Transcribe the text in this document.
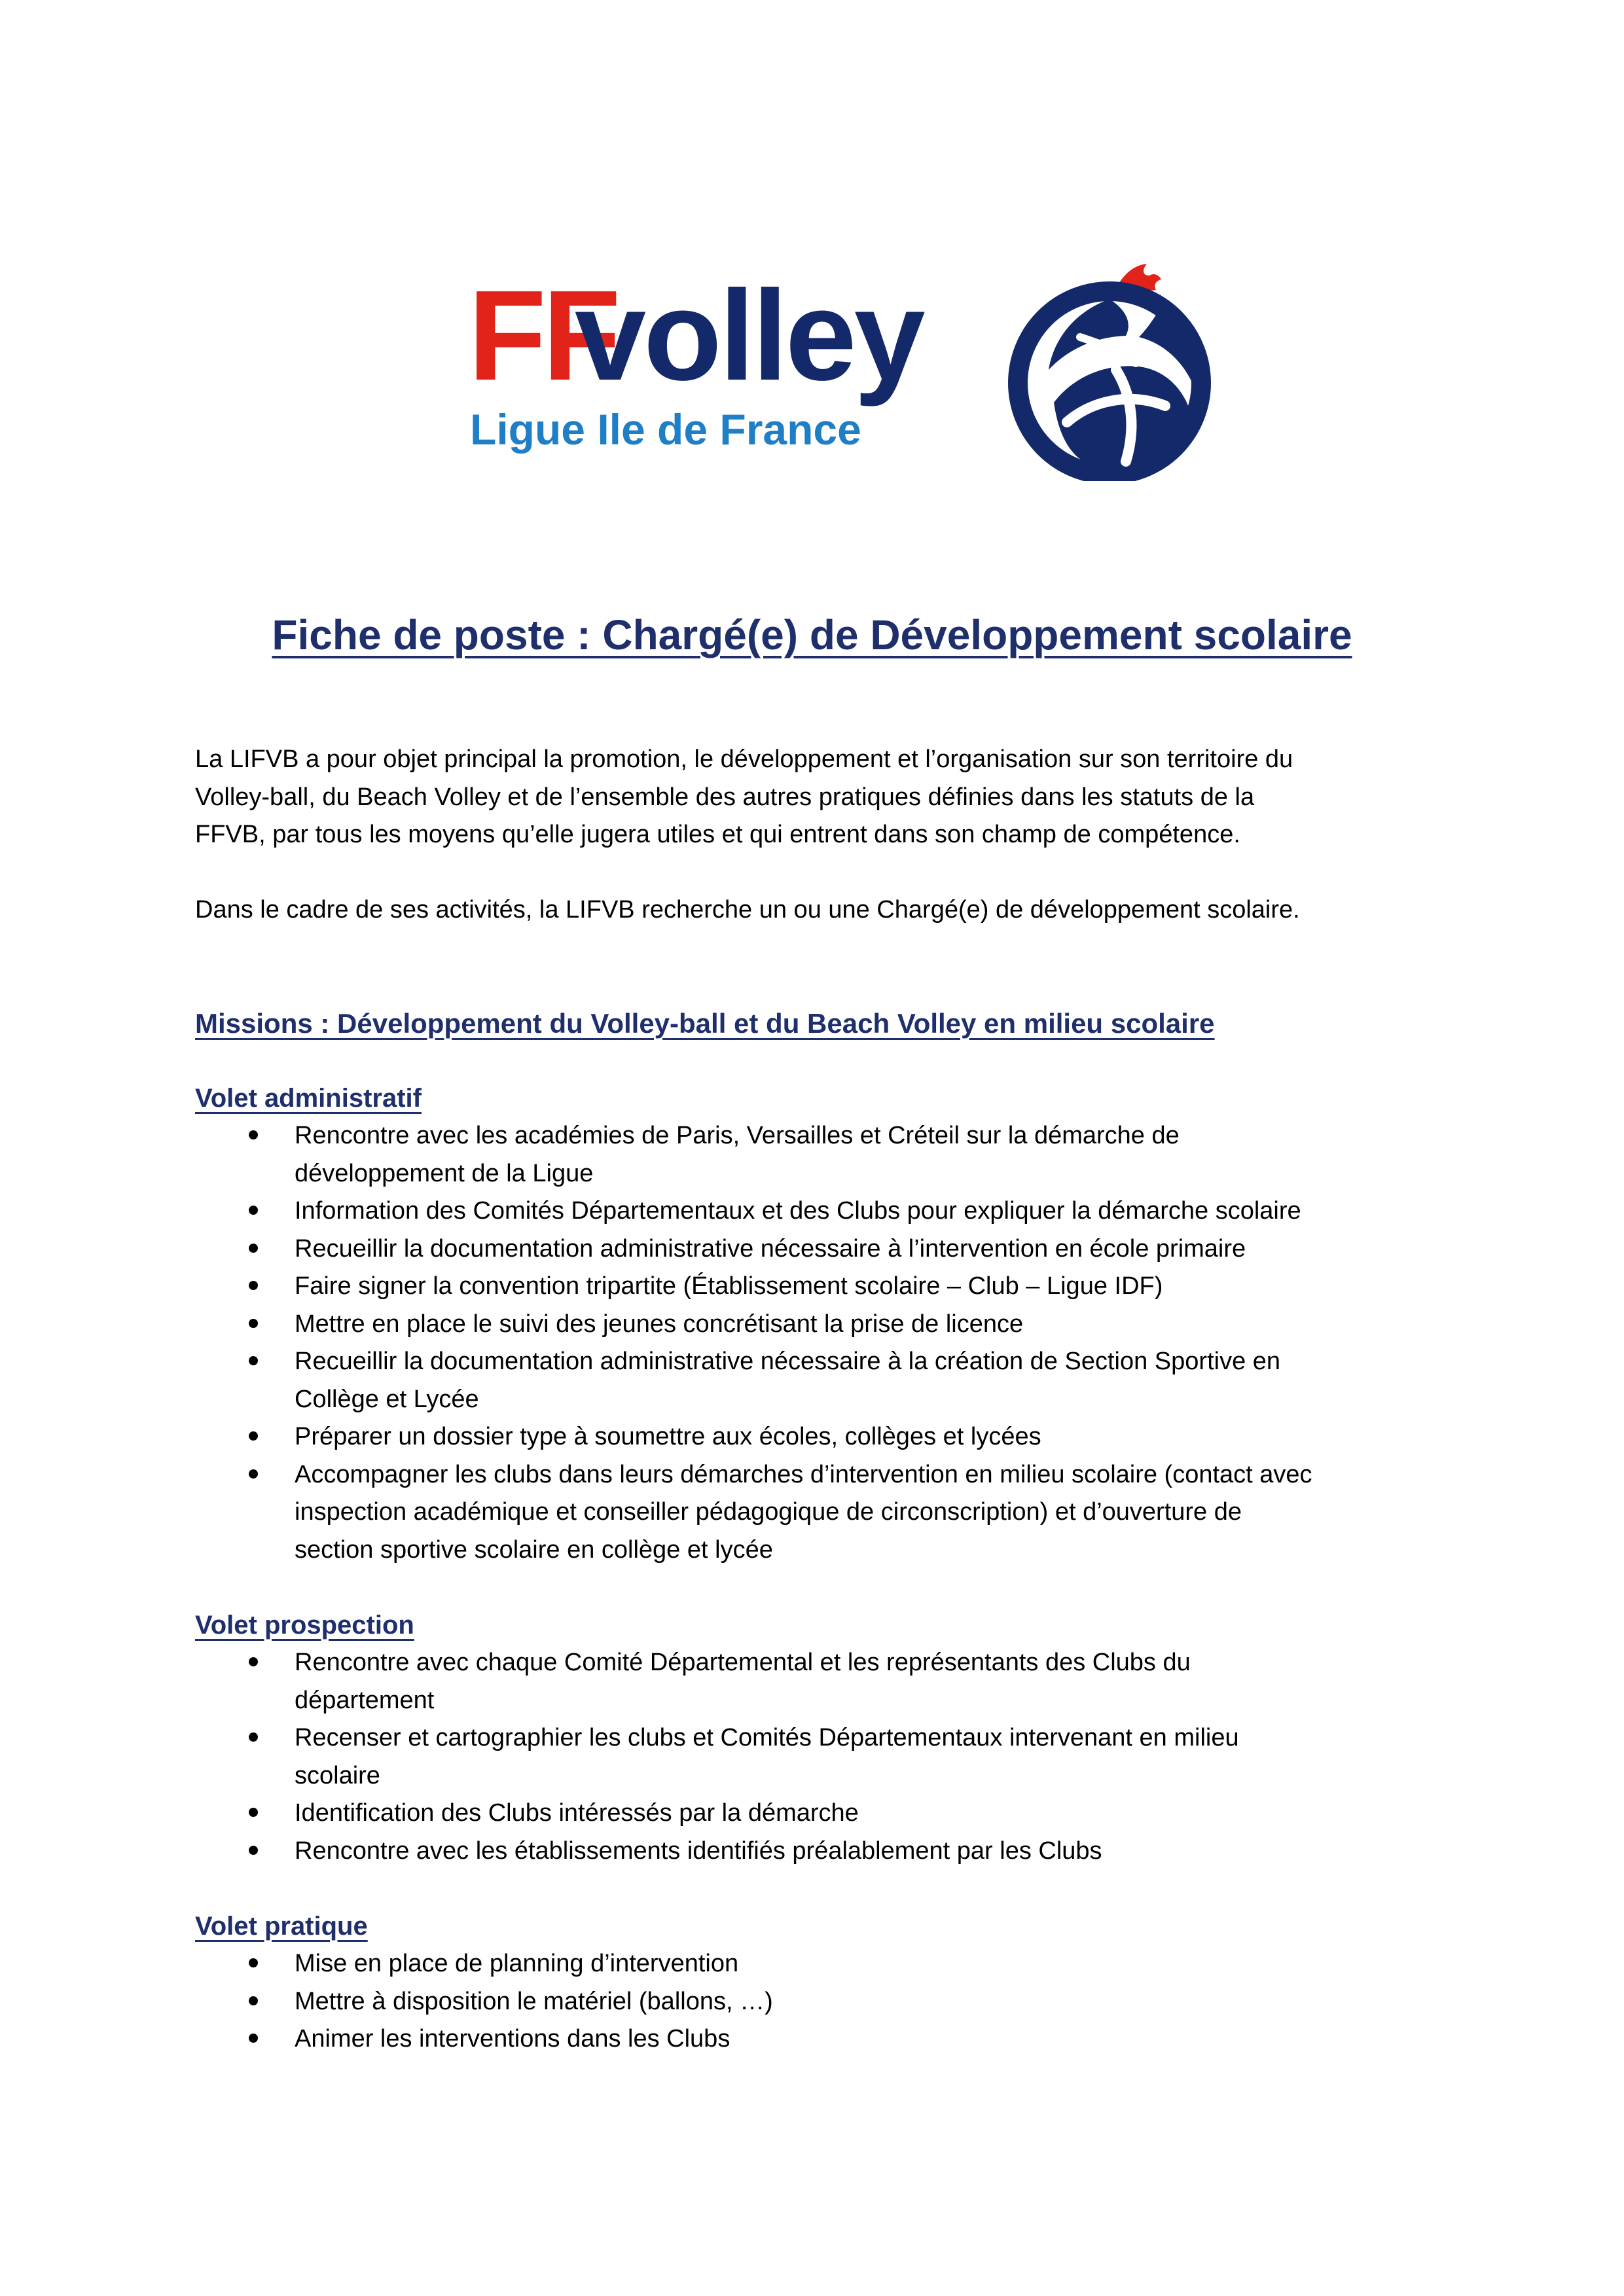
FF
volley
Ligue Ile de France
Fiche de poste : Chargé(e) de Développement scolaire

La LIFVB a pour objet principal la promotion, le développement et l’organisation sur son territoire du

Volley-ball, du Beach Volley et de l’ensemble des autres pratiques définies dans les statuts de la

FFVB, par tous les moyens qu’elle jugera utiles et qui entrent dans son champ de compétence.

Dans le cadre de ses activités, la LIFVB recherche un ou une Chargé(e) de développement scolaire.

Missions : Développement du Volley-ball et du Beach Volley en milieu scolaire

Volet administratif

Rencontre avec les académies de Paris, Versailles et Créteil sur la démarche de
développement de la Ligue
Information des Comités Départementaux et des Clubs pour expliquer la démarche scolaire
Recueillir la documentation administrative nécessaire à l’intervention en école primaire
Faire signer la convention tripartite (Établissement scolaire – Club – Ligue IDF)
Mettre en place le suivi des jeunes concrétisant la prise de licence
Recueillir la documentation administrative nécessaire à la création de Section Sportive en
Collège et Lycée
Préparer un dossier type à soumettre aux écoles, collèges et lycées
Accompagner les clubs dans leurs démarches d’intervention en milieu scolaire (contact avec
inspection académique et conseiller pédagogique de circonscription) et d’ouverture de
section sportive scolaire en collège et lycée

Volet prospection

Rencontre avec chaque Comité Départemental et les représentants des Clubs du
département
Recenser et cartographier les clubs et Comités Départementaux intervenant en milieu
scolaire
Identification des Clubs intéressés par la démarche
Rencontre avec les établissements identifiés préalablement par les Clubs

Volet pratique

Mise en place de planning d’intervention
Mettre à disposition le matériel (ballons, …)
Animer les interventions dans les Clubs
